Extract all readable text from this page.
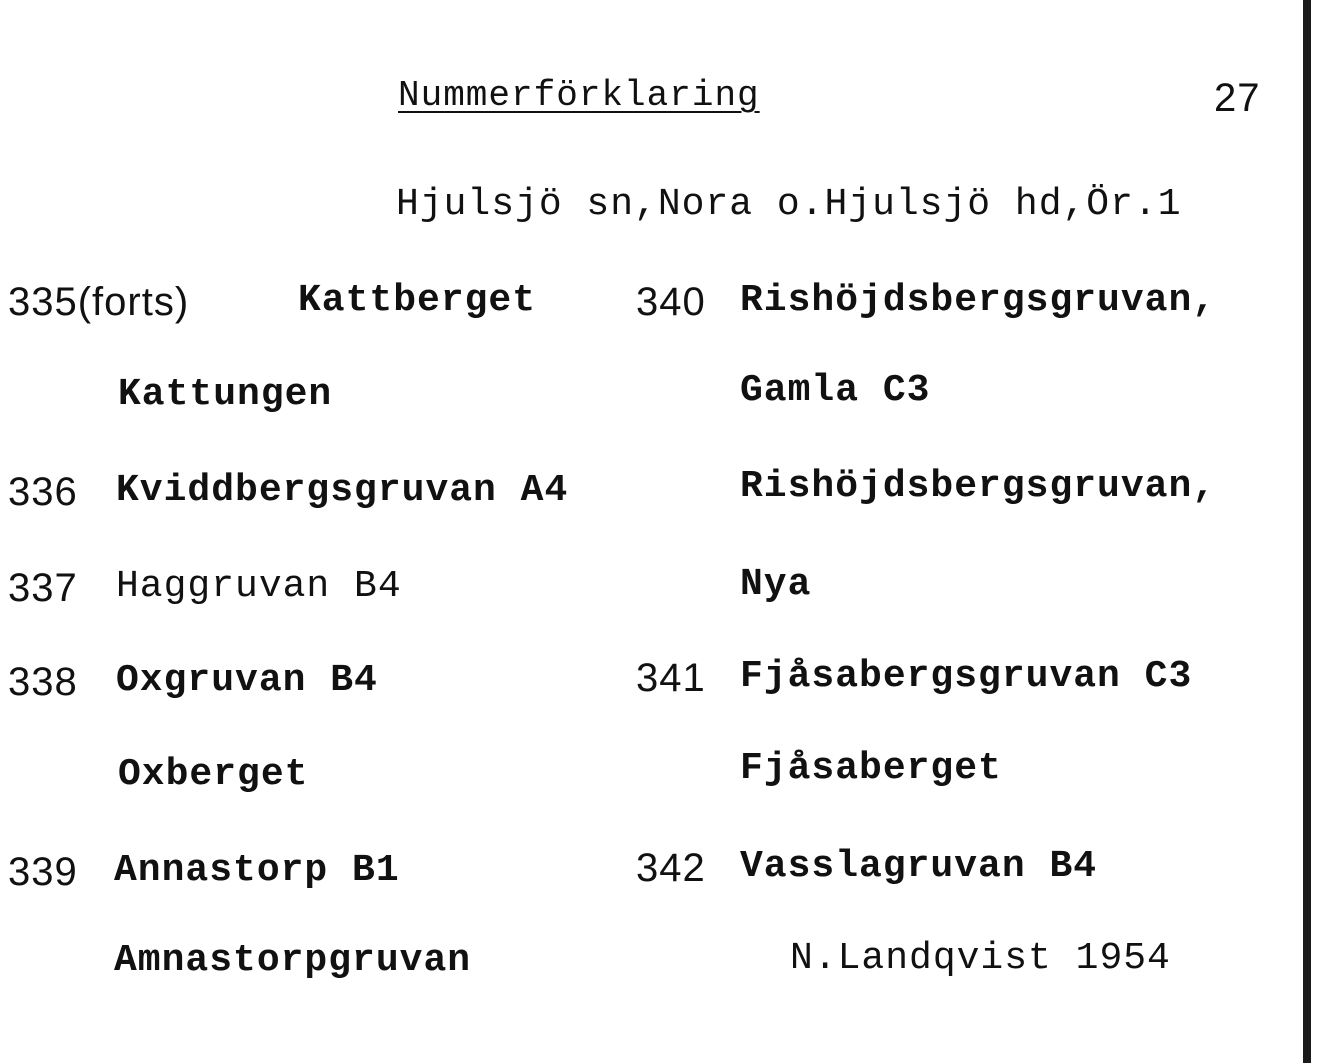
Nummerförklaring	27
Hjulsjö sn,Nora o.Hjulsjö hd,Ör.1
335(forts)	Kattberget
Kattungen
336 Kviddbergsgruvan A4
337 Haggruvan B4
338 Oxgruvan B4
Oxberget
339 Annastorp B1
Amnastorpgruvan
340 Rishöjdsbergsgruvan,
Gamla C3
Rishöjdsbergsgruvan,
Nya
341 Fjåsabergsgruvan C3
Fjåsaberget
342 Vasslagruvan B4
N.Landqvist 1954
